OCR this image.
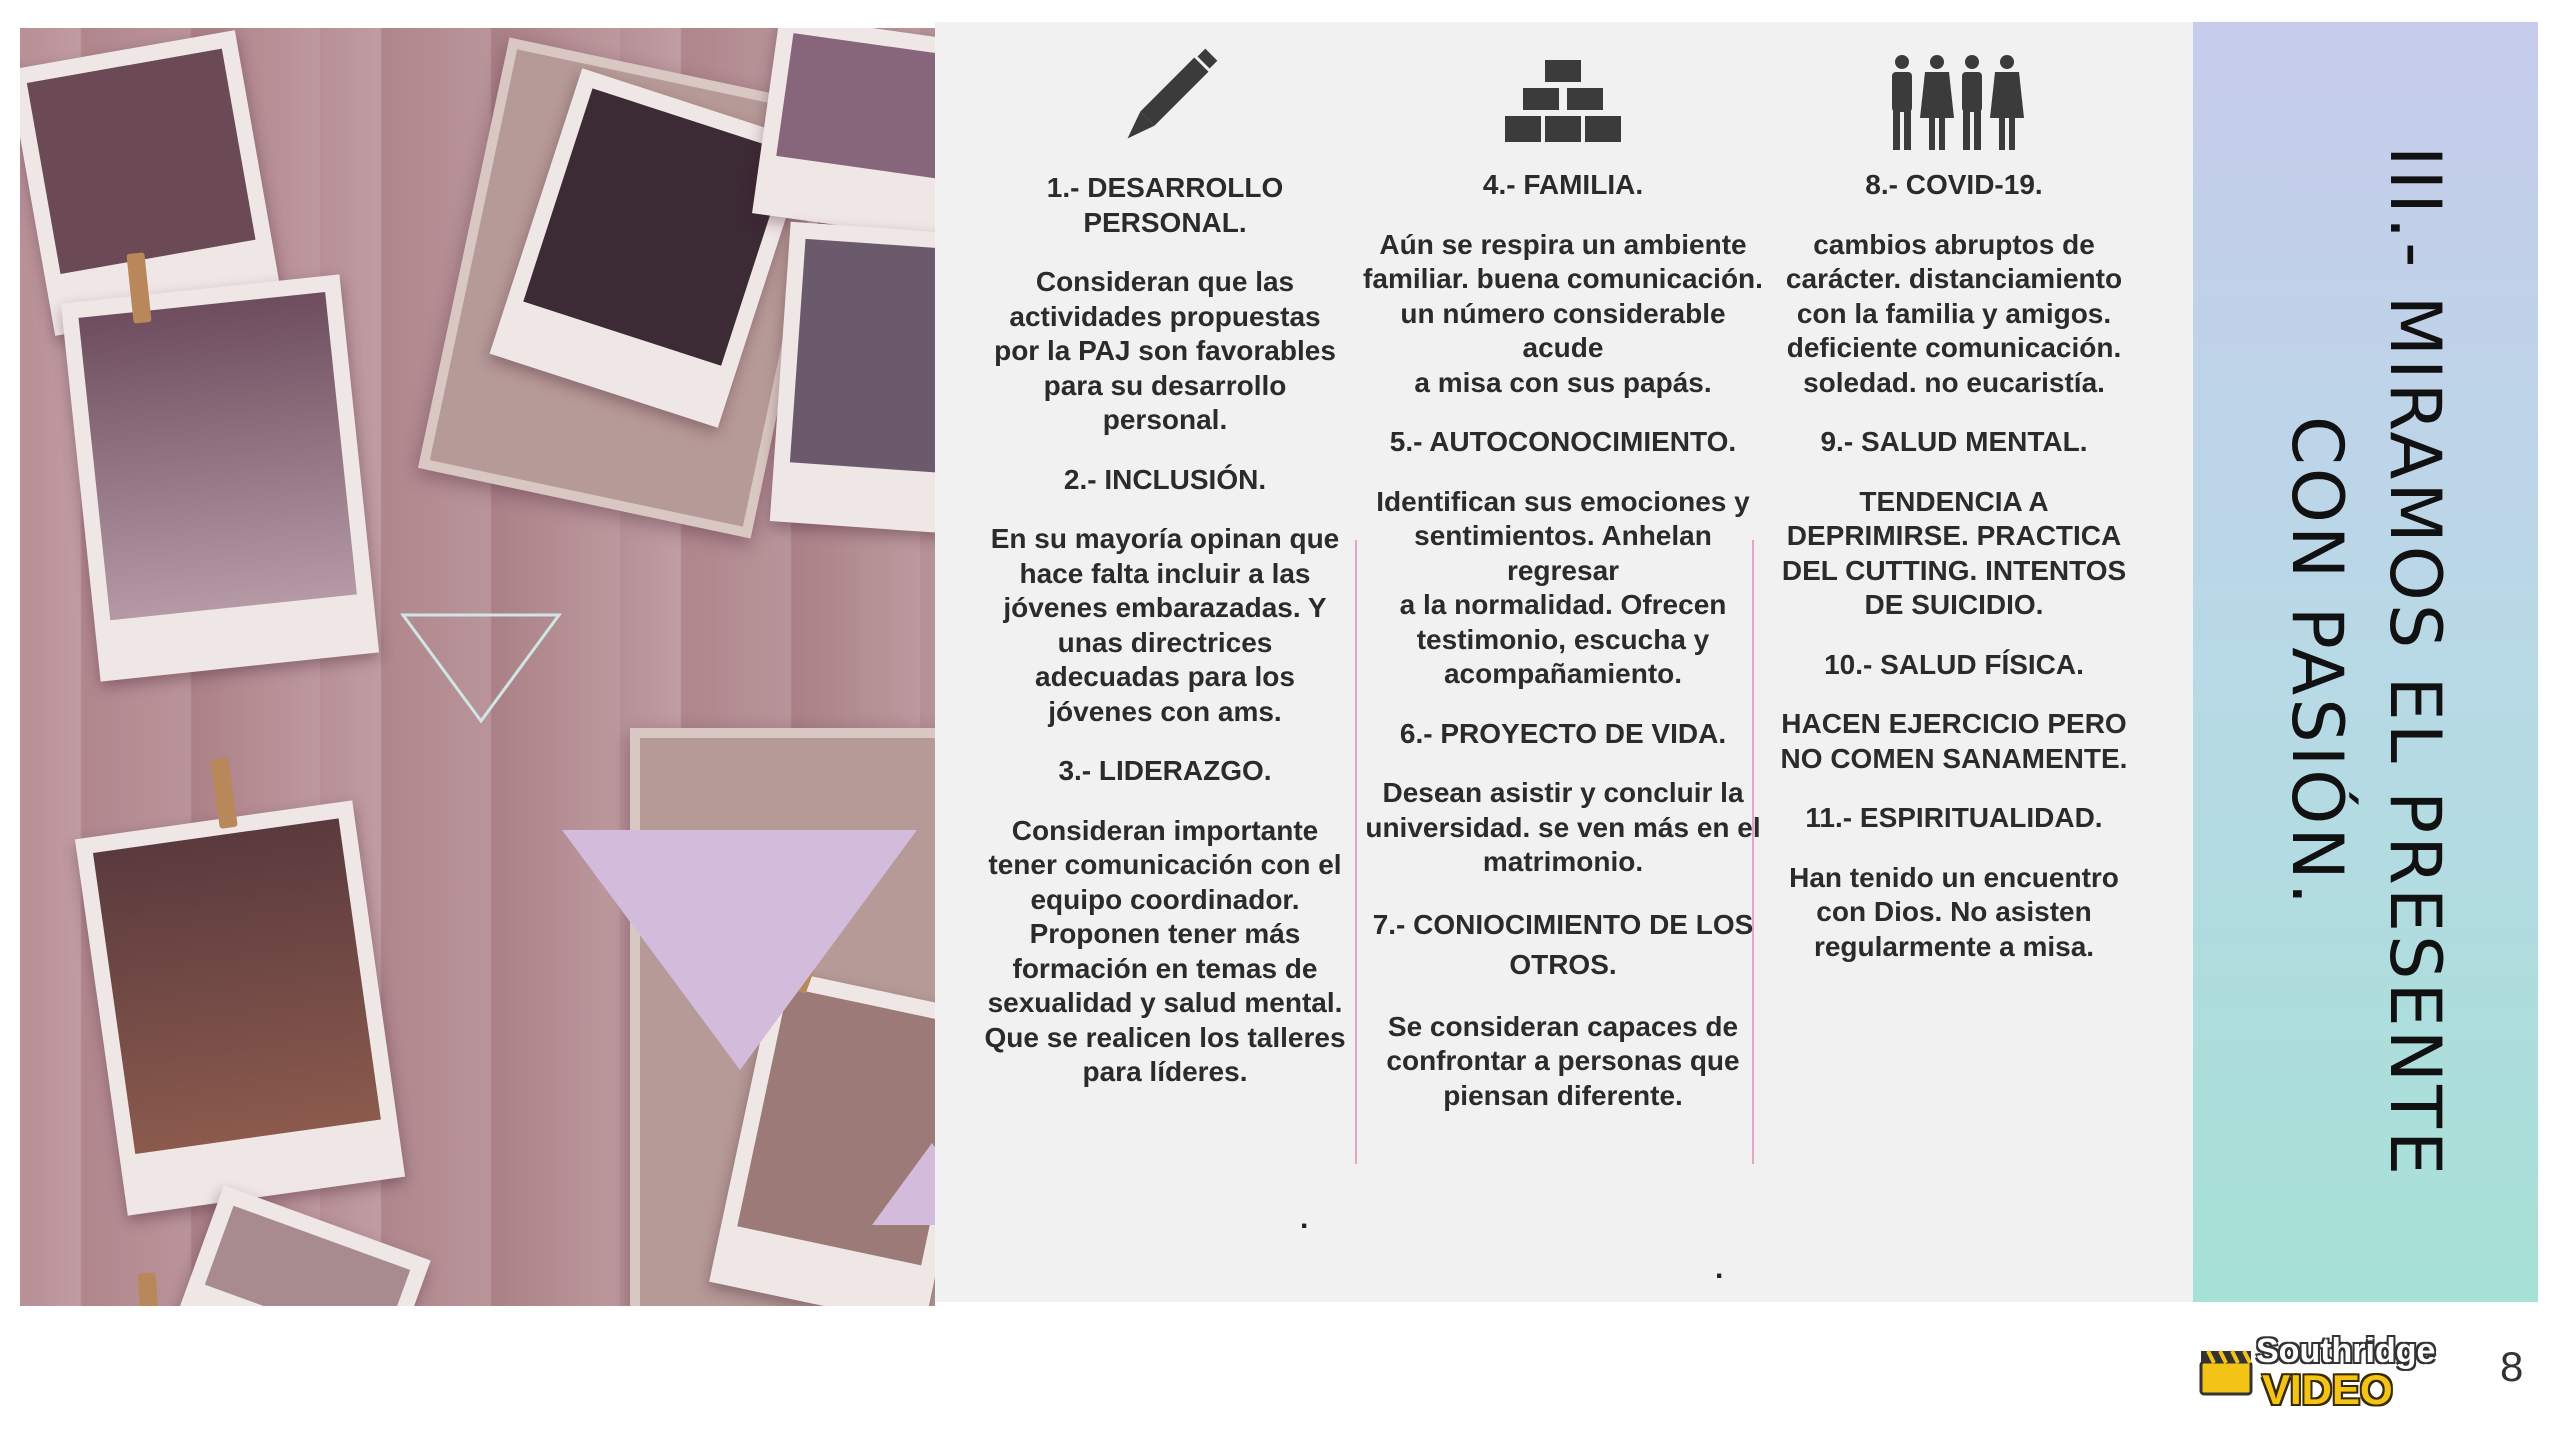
1.- DESARROLLO
PERSONAL.
Consideran que las
actividades propuestas
por la PAJ son favorables
para su desarrollo
personal.
2.- INCLUSIÓN.
En su mayoría opinan que
hace falta incluir a las
jóvenes embarazadas. Y
unas directrices
adecuadas para los
jóvenes con ams.
3.- LIDERAZGO.
Consideran importante
tener comunicación con el
equipo coordinador.
Proponen tener más
formación en temas de
sexualidad y salud mental.
Que se realicen los talleres
para líderes.
4.- FAMILIA.
Aún se respira un ambiente
familiar. buena comunicación.
un número considerable acude
a misa con sus papás.
5.- AUTOCONOCIMIENTO.
Identifican sus emociones y
sentimientos. Anhelan regresar
a la normalidad. Ofrecen
testimonio, escucha y
acompañamiento.
6.- PROYECTO DE VIDA.
Desean asistir y concluir la
universidad. se ven más en el
matrimonio.
7.- CONIOCIMIENTO DE LOS
OTROS.
Se consideran capaces de
confrontar a personas que
piensan diferente.
8.- COVID-19.
cambios abruptos de
carácter. distanciamiento
con la familia y amigos.
deficiente comunicación.
soledad. no eucaristía.
9.- SALUD MENTAL.
TENDENCIA A
DEPRIMIRSE. PRACTICA
DEL CUTTING. INTENTOS
DE SUICIDIO.
10.- SALUD FÍSICA.
HACEN EJERCICIO PERO
NO COMEN SANAMENTE.
11.- ESPIRITUALIDAD.
Han tenido un encuentro
con Dios. No asisten
regularmente a misa.
.
.
III.- MIRAMOS EL PRESENTE CON PASIÓN.
Southridge
VIDEO	8
